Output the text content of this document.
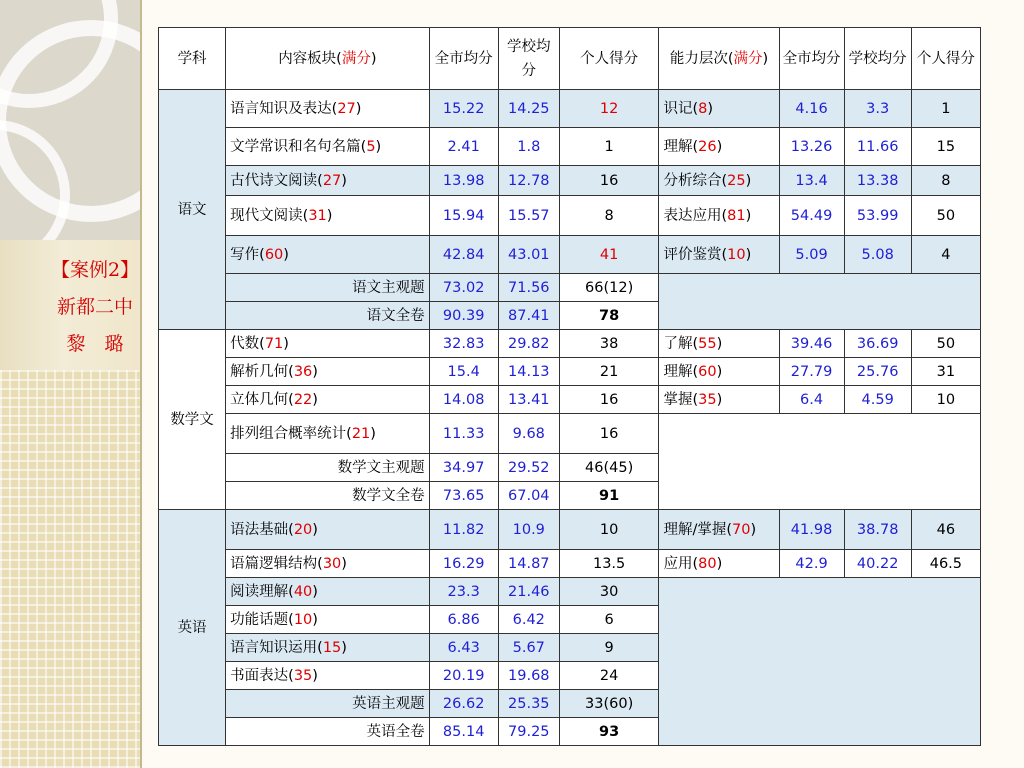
【案例2】
新都二中
黎　璐
学科	内容板块(满分)	全市均分	学校均分	个人得分	能力层次(满分)	全市均分	学校均分	个人得分
语文	语言知识及表达(27)	15.22	14.25	12	识记(8)	4.16	3.3	1
	文学常识和名句名篇(5)	2.41	1.8	1	理解(26)	13.26	11.66	15
	古代诗文阅读(27)	13.98	12.78	16	分析综合(25)	13.4	13.38	8
	现代文阅读(31)	15.94	15.57	8	表达应用(81)	54.49	53.99	50
	写作(60)	42.84	43.01	41	评价鉴赏(10)	5.09	5.08	4
	语文主观题	73.02	71.56	66(12)				
	语文全卷	90.39	87.41	78				
数学文	代数(71)	32.83	29.82	38	了解(55)	39.46	36.69	50
	解析几何(36)	15.4	14.13	21	理解(60)	27.79	25.76	31
	立体几何(22)	14.08	13.41	16	掌握(35)	6.4	4.59	10
	排列组合概率统计(21)	11.33	9.68	16				
	数学文主观题	34.97	29.52	46(45)				
	数学文全卷	73.65	67.04	91				
英语	语法基础(20)	11.82	10.9	10	理解/掌握(70)	41.98	38.78	46
	语篇逻辑结构(30)	16.29	14.87	13.5	应用(80)	42.9	40.22	46.5
	阅读理解(40)	23.3	21.46	30				
	功能话题(10)	6.86	6.42	6				
	语言知识运用(15)	6.43	5.67	9				
	书面表达(35)	20.19	19.68	24				
	英语主观题	26.62	25.35	33(60)				
	英语全卷	85.14	79.25	93				
